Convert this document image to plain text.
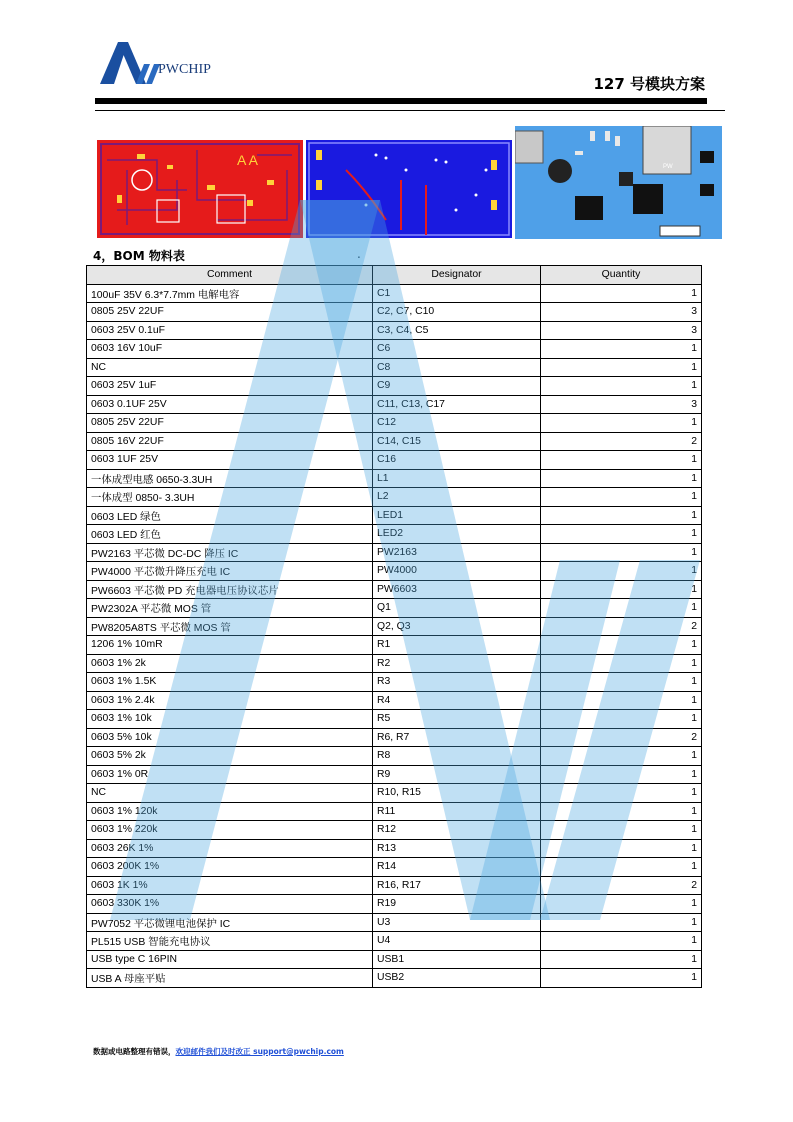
PWCHIP
127 号模块方案
A A	PW
4，BOM 物料表	.
Comment	Designator	Quantity
100uF 35V 6.3*7.7mm 电解电容	C1	1
0805 25V 22UF	C2, C7, C10	3
0603 25V 0.1uF	C3, C4, C5	3
0603 16V 10uF	C6	1
NC	C8	1
0603 25V 1uF	C9	1
0603 0.1UF 25V	C11, C13, C17	3
0805 25V 22UF	C12	1
0805 16V 22UF	C14, C15	2
0603 1UF 25V	C16	1
一体成型电感 0650-3.3UH	L1	1
一体成型 0850- 3.3UH	L2	1
0603 LED 绿色	LED1	1
0603 LED 红色	LED2	1
PW2163 平芯微 DC-DC 降压 IC	PW2163	1
PW4000 平芯微升降压充电 IC	PW4000	1
PW6603 平芯微 PD 充电器电压协议芯片	PW6603	1
PW2302A 平芯微 MOS 管	Q1	1
PW8205A8TS 平芯微 MOS 管	Q2, Q3	2
1206 1% 10mR	R1	1
0603 1% 2k	R2	1
0603 1% 1.5K	R3	1
0603 1% 2.4k	R4	1
0603 1% 10k	R5	1
0603 5% 10k	R6, R7	2
0603 5% 2k	R8	1
0603 1% 0R	R9	1
NC	R10, R15	1
0603 1% 120k	R11	1
0603 1% 220k	R12	1
0603 26K 1%	R13	1
0603 200K 1%	R14	1
0603 1K 1%	R16, R17	2
0603 330K 1%	R19	1
PW7052 平芯微锂电池保护 IC	U3	1
PL515 USB 智能充电协议	U4	1
USB type C 16PIN	USB1	1
USB A 母座平贴	USB2	1
数据或电路整理有错误，欢迎邮件我们及时改正 support@pwchip.com
